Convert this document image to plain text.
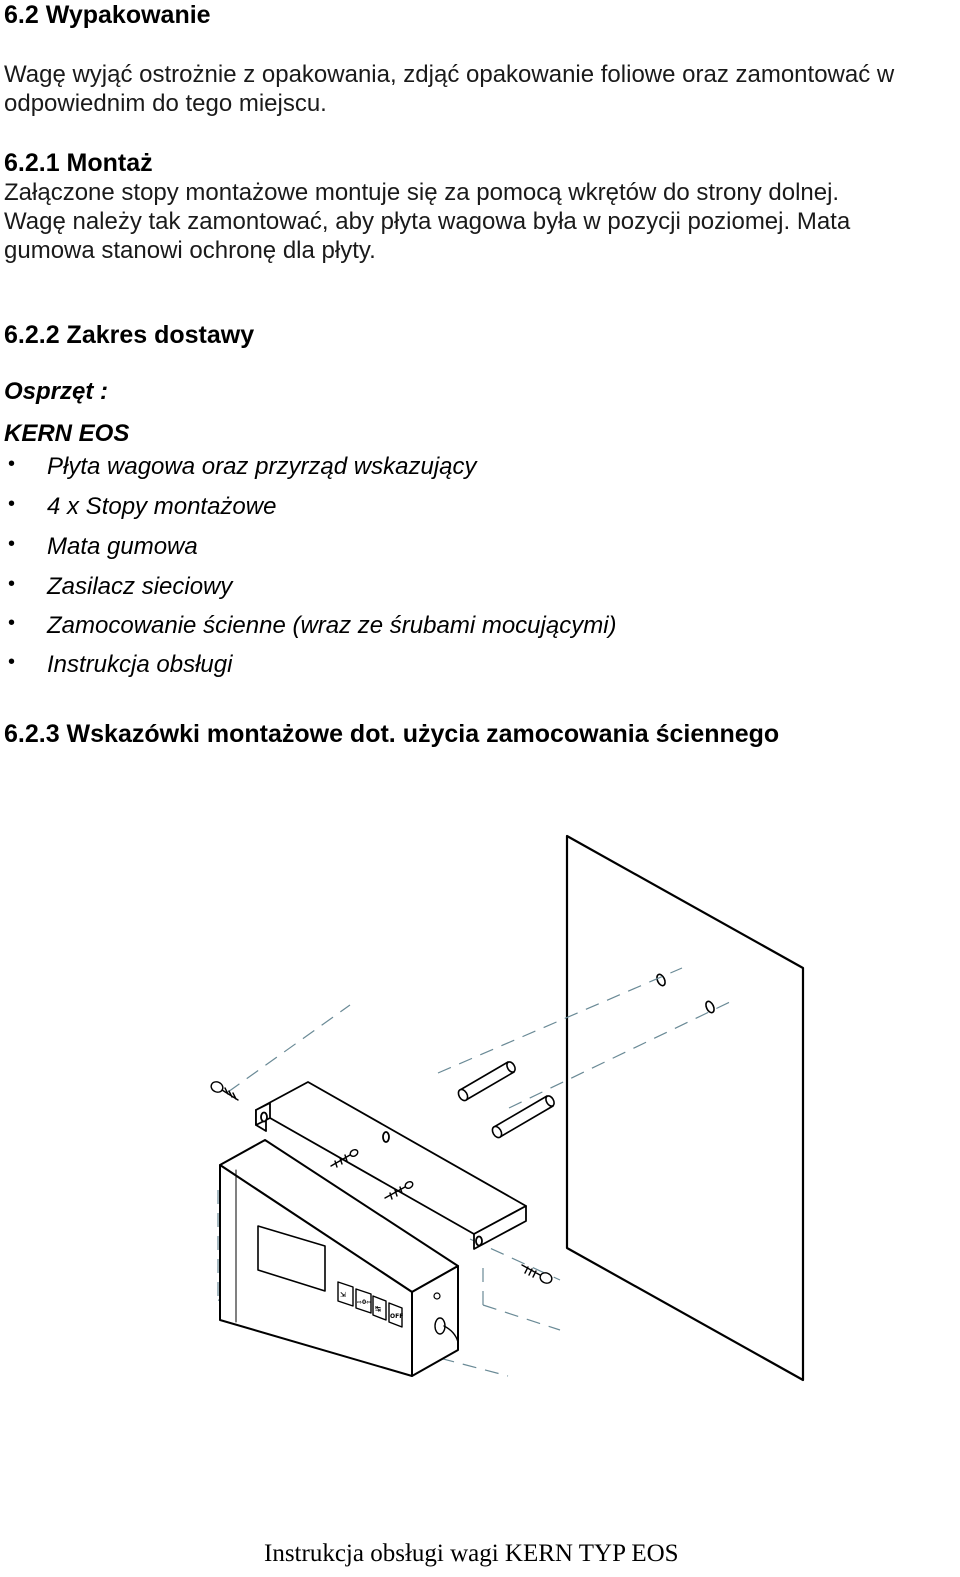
6.2 Wypakowanie
Wagę wyjąć ostrożnie z opakowania, zdjąć opakowanie foliowe oraz zamontować w
odpowiednim do tego miejscu.
6.2.1 Montaż
Załączone stopy montażowe montuje się za pomocą wkrętów do strony dolnej.
Wagę należy tak zamontować, aby płyta wagowa była w pozycji poziomej. Mata
gumowa stanowi ochronę dla płyty.
6.2.2 Zakres dostawy
Osprzęt :
KERN EOS
• Płyta wagowa oraz przyrząd wskazujący
• 4 x Stopy montażowe
• Mata gumowa
• Zasilacz sieciowy
• Zamocowanie ścienne (wraz ze śrubami mocującymi)
• Instrukcja obsługi
6.2.3 Wskazówki montażowe dot. użycia zamocowania ściennego
⇲
⇨0⇦
↹
OFF
Instrukcja obsługi wagi KERN TYP EOS
